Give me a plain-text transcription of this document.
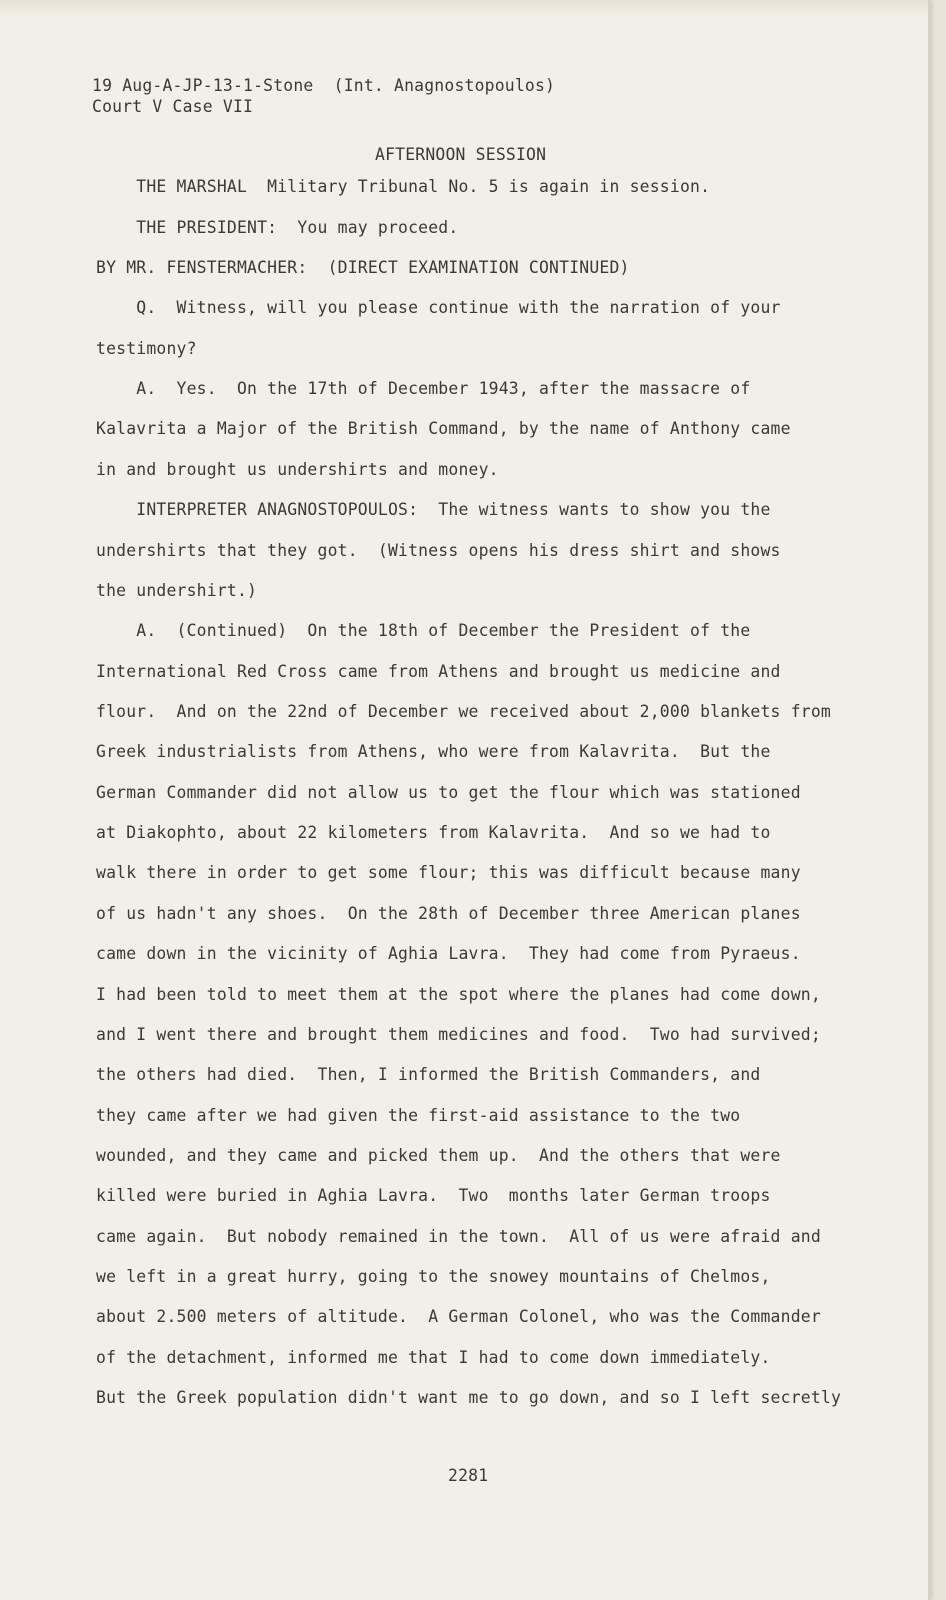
19 Aug-A-JP-13-1-Stone  (Int. Anagnostopoulos)

Court V Case VII

AFTERNOON SESSION

THE MARSHAL  Military Tribunal No. 5 is again in session.

THE PRESIDENT:  You may proceed.

BY MR. FENSTERMACHER:  (DIRECT EXAMINATION CONTINUED)

Q.  Witness, will you please continue with the narration of your

testimony?

A.  Yes.  On the 17th of December 1943, after the massacre of

Kalavrita a Major of the British Command, by the name of Anthony came

in and brought us undershirts and money.

INTERPRETER ANAGNOSTOPOULOS:  The witness wants to show you the

undershirts that they got.  (Witness opens his dress shirt and shows

the undershirt.)

A.  (Continued)  On the 18th of December the President of the

International Red Cross came from Athens and brought us medicine and

flour.  And on the 22nd of December we received about 2,000 blankets from

Greek industrialists from Athens, who were from Kalavrita.  But the

German Commander did not allow us to get the flour which was stationed

at Diakophto, about 22 kilometers from Kalavrita.  And so we had to

walk there in order to get some flour; this was difficult because many

of us hadn't any shoes.  On the 28th of December three American planes

came down in the vicinity of Aghia Lavra.  They had come from Pyraeus.

I had been told to meet them at the spot where the planes had come down,

and I went there and brought them medicines and food.  Two had survived;

the others had died.  Then, I informed the British Commanders, and

they came after we had given the first-aid assistance to the two

wounded, and they came and picked them up.  And the others that were

killed were buried in Aghia Lavra.  Two  months later German troops

came again.  But nobody remained in the town.  All of us were afraid and

we left in a great hurry, going to the snowey mountains of Chelmos,

about 2.500 meters of altitude.  A German Colonel, who was the Commander

of the detachment, informed me that I had to come down immediately.

But the Greek population didn't want me to go down, and so I left secretly

2281
